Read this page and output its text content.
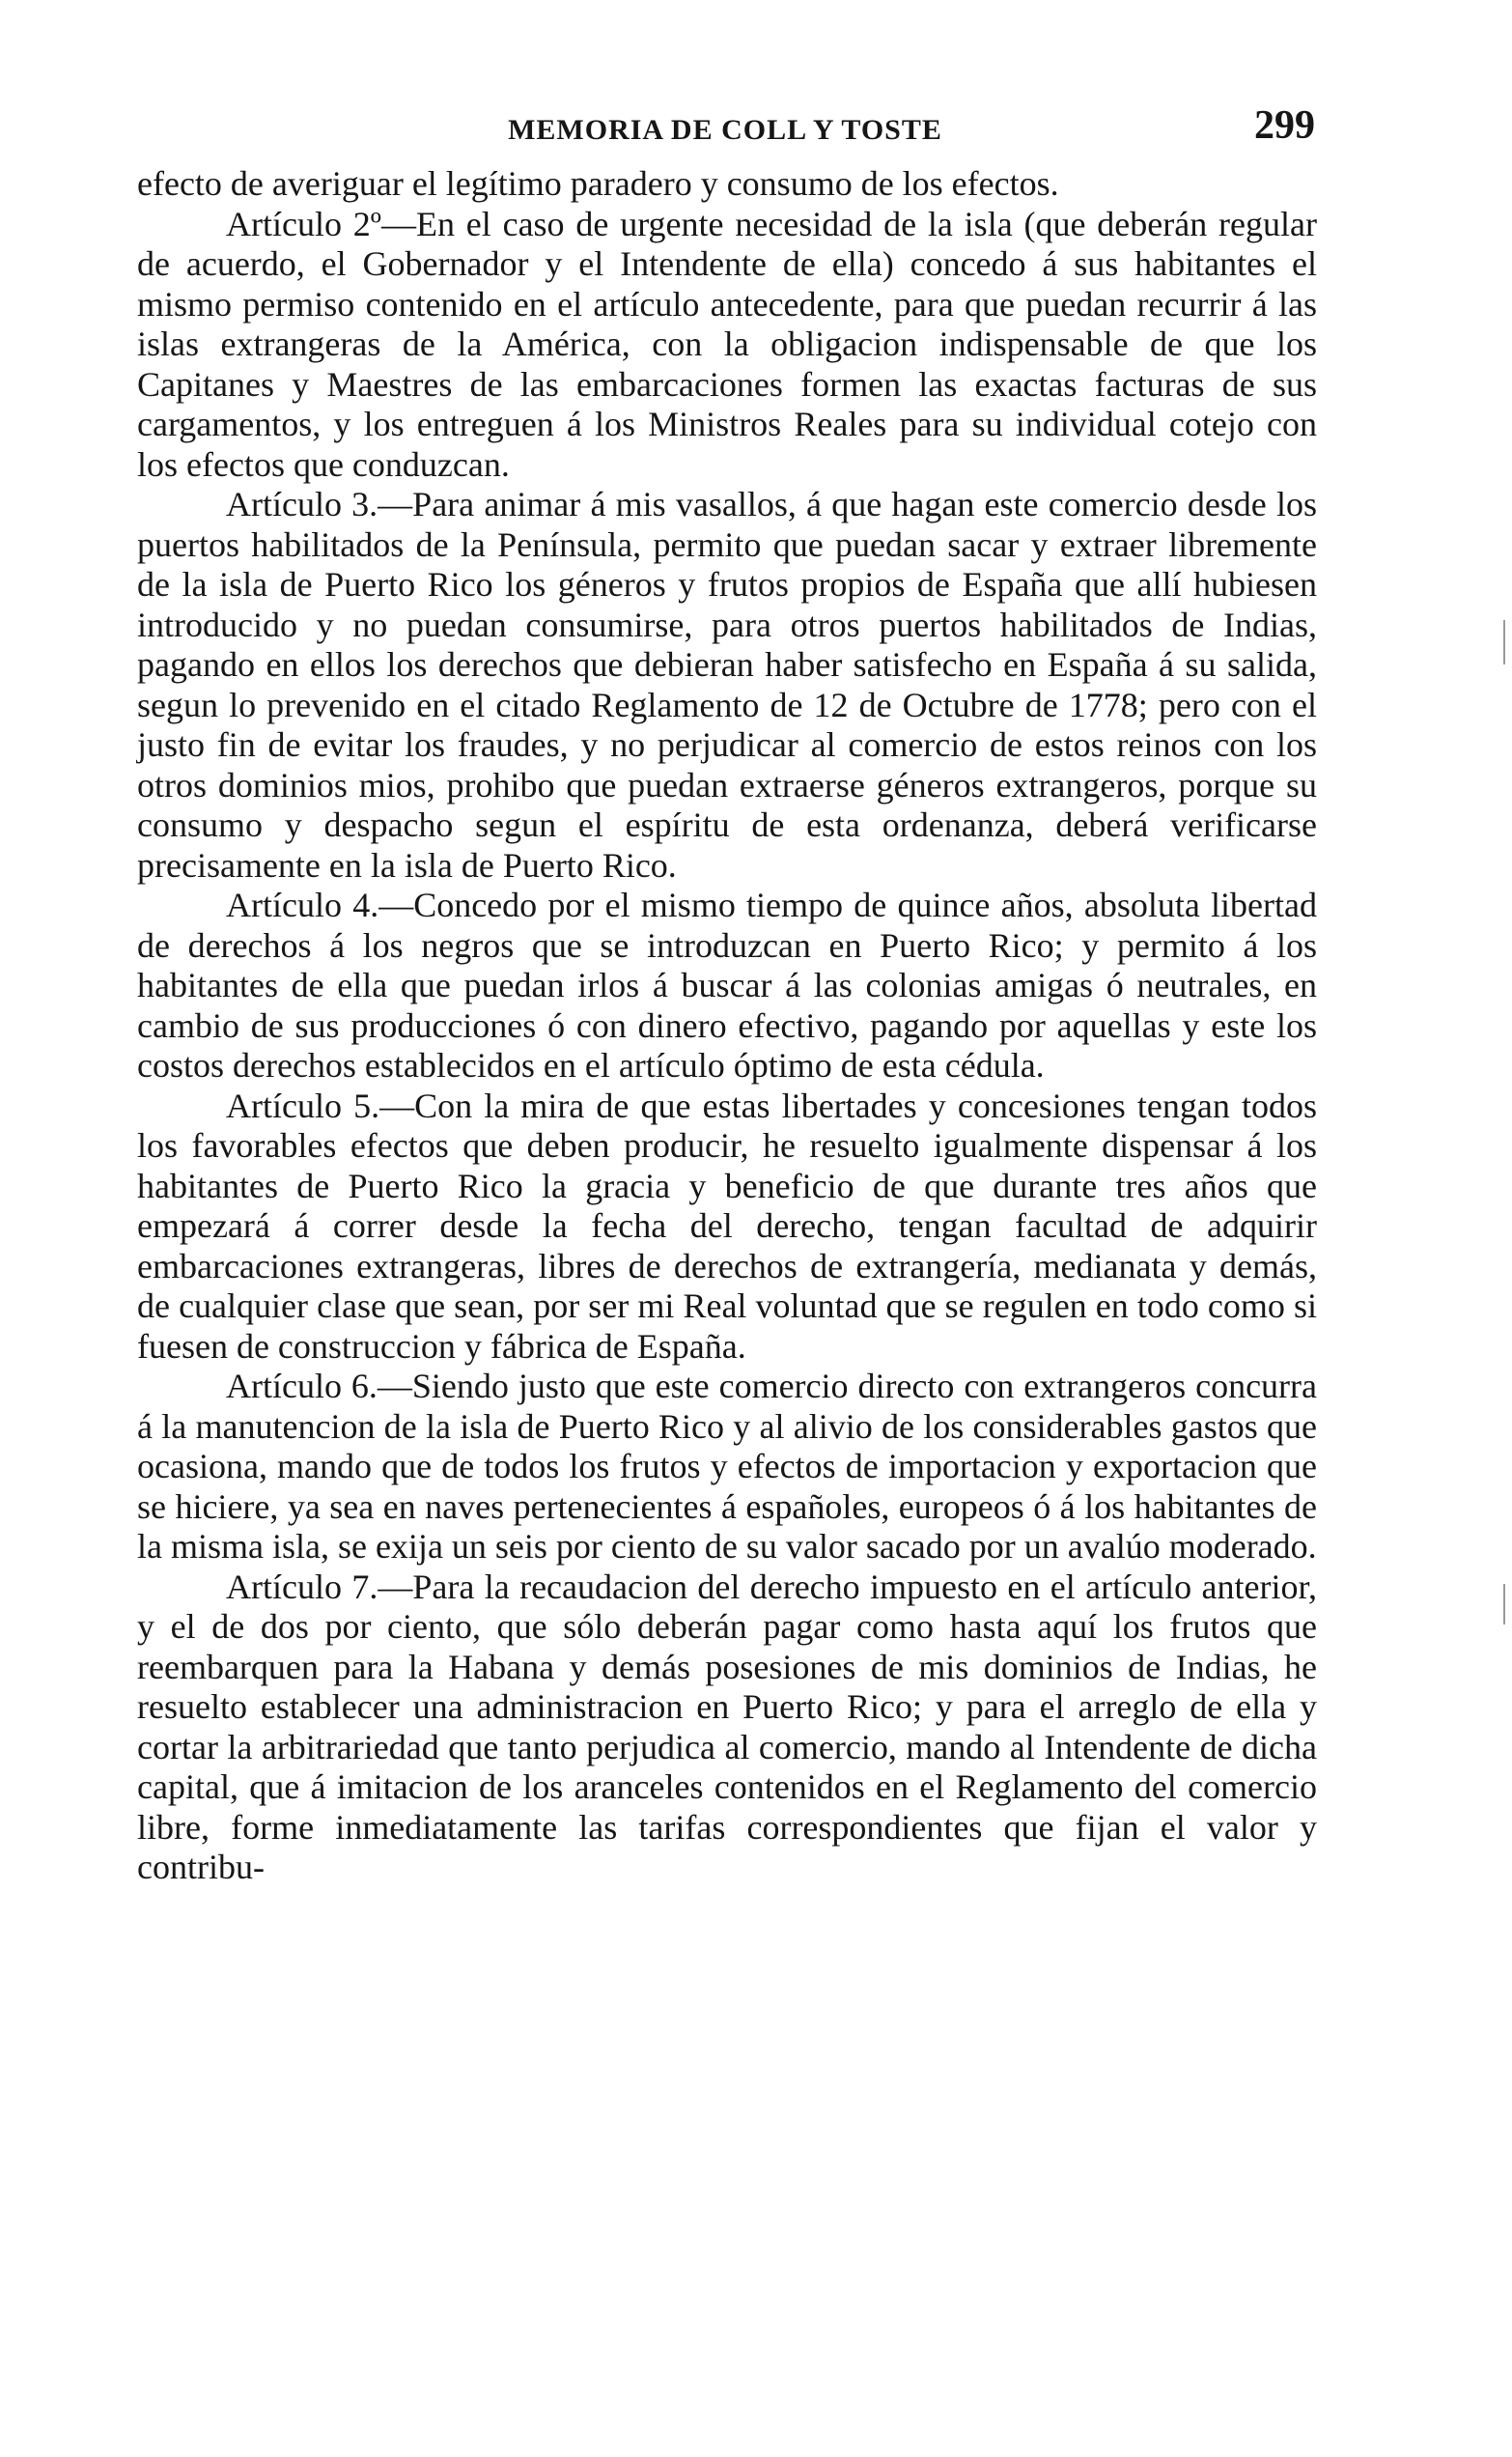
MEMORIA DE COLL Y TOSTE	299

efecto de averiguar el legítimo paradero y consumo de los efectos.

Artículo 2º—En el caso de urgente necesidad de la isla (que deberán regular de acuerdo, el Gobernador y el Intendente de ella) concedo á sus habitantes el mismo permiso contenido en el artículo antecedente, para que puedan recurrir á las islas extrangeras de la América, con la obligacion indispensable de que los Capitanes y Maestres de las embarcaciones formen las exactas facturas de sus cargamentos, y los entreguen á los Ministros Reales para su individual cotejo con los efectos que conduzcan.

Artículo 3.—Para animar á mis vasallos, á que hagan este comercio desde los puertos habilitados de la Península, permito que puedan sacar y extraer libremente de la isla de Puerto Rico los géneros y frutos propios de España que allí hubiesen introducido y no puedan consumirse, para otros puertos habilitados de Indias, pagando en ellos los derechos que debieran haber satisfecho en España á su salida, segun lo prevenido en el citado Reglamento de 12 de Octubre de 1778; pero con el justo fin de evitar los fraudes, y no perjudicar al comercio de estos reinos con los otros dominios mios, prohibo que puedan extraerse géneros extrangeros, porque su consumo y despacho segun el espíritu de esta ordenanza, deberá verificarse precisamente en la isla de Puerto Rico.

Artículo 4.—Concedo por el mismo tiempo de quince años, absoluta libertad de derechos á los negros que se introduzcan en Puerto Rico; y permito á los habitantes de ella que puedan irlos á buscar á las colonias amigas ó neutrales, en cambio de sus producciones ó con dinero efectivo, pagando por aquellas y este los costos derechos establecidos en el artículo óptimo de esta cédula.

Artículo 5.—Con la mira de que estas libertades y concesiones tengan todos los favorables efectos que deben producir, he resuelto igualmente dispensar á los habitantes de Puerto Rico la gracia y beneficio de que durante tres años que empezará á correr desde la fecha del derecho, tengan facultad de adquirir embarcaciones extrangeras, libres de derechos de extrangería, medianata y demás, de cualquier clase que sean, por ser mi Real voluntad que se regulen en todo como si fuesen de construccion y fábrica de España.

Artículo 6.—Siendo justo que este comercio directo con extrangeros concurra á la manutencion de la isla de Puerto Rico y al alivio de los considerables gastos que ocasiona, mando que de todos los frutos y efectos de importacion y exportacion que se hiciere, ya sea en naves pertenecientes á españoles, europeos ó á los habitantes de la misma isla, se exija un seis por ciento de su valor sacado por un avalúo moderado.

Artículo 7.—Para la recaudacion del derecho impuesto en el artículo anterior, y el de dos por ciento, que sólo deberán pagar como hasta aquí los frutos que reembarquen para la Habana y demás posesiones de mis dominios de Indias, he resuelto establecer una administracion en Puerto Rico; y para el arreglo de ella y cortar la arbitrariedad que tanto perjudica al comercio, mando al Intendente de dicha capital, que á imitacion de los aranceles contenidos en el Reglamento del comercio libre, forme inmediatamente las tarifas correspondientes que fijan el valor y contribu-
